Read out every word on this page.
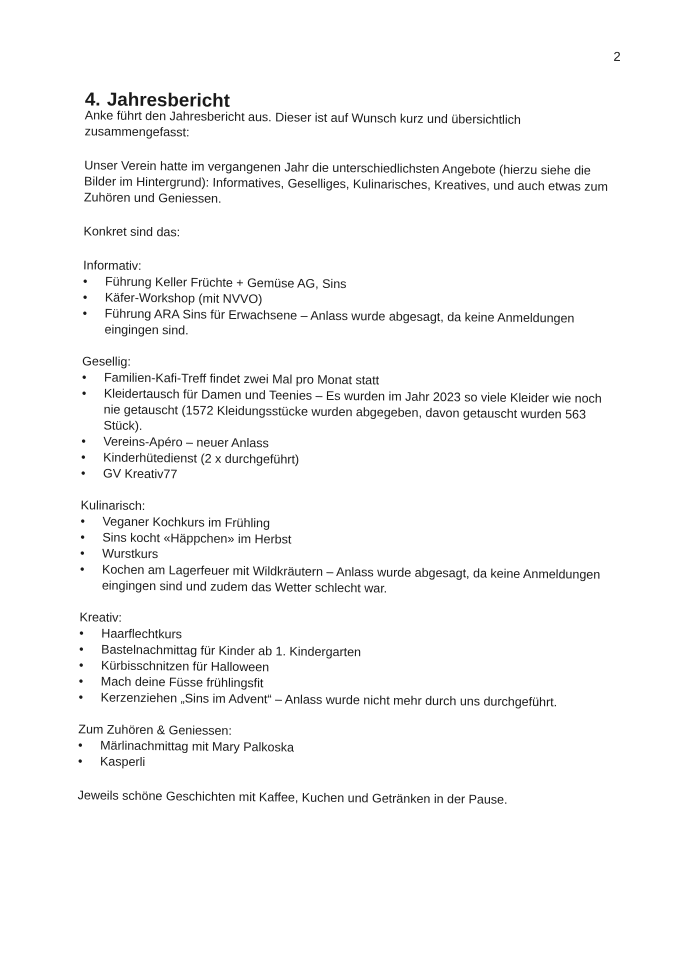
2
4. Jahresbericht

Anke führt den Jahresbericht aus. Dieser ist auf Wunsch kurz und übersichtlich zusammengefasst:

Unser Verein hatte im vergangenen Jahr die unterschiedlichsten Angebote (hierzu siehe die Bilder im Hintergrund): Informatives, Geselliges, Kulinarisches, Kreatives, und auch etwas zum Zuhören und Geniessen.

Konkret sind das:

Informativ:

• Führung Keller Früchte + Gemüse AG, Sins
• Käfer-Workshop (mit NVVO)
• Führung ARA Sins für Erwachsene – Anlass wurde abgesagt, da keine Anmeldungen eingingen sind.

Gesellig:

• Familien-Kafi-Treff findet zwei Mal pro Monat statt
• Kleidertausch für Damen und Teenies – Es wurden im Jahr 2023 so viele Kleider wie noch nie getauscht (1572 Kleidungsstücke wurden abgegeben, davon getauscht wurden 563 Stück).
• Vereins-Apéro – neuer Anlass
• Kinderhütedienst (2 x durchgeführt)
• GV Kreativ77

Kulinarisch:

• Veganer Kochkurs im Frühling
• Sins kocht «Häppchen» im Herbst
• Wurstkurs
• Kochen am Lagerfeuer mit Wildkräutern – Anlass wurde abgesagt, da keine Anmeldungen eingingen sind und zudem das Wetter schlecht war.

Kreativ:

• Haarflechtkurs
• Bastelnachmittag für Kinder ab 1. Kindergarten
• Kürbisschnitzen für Halloween
• Mach deine Füsse frühlingsfit
• Kerzenziehen „Sins im Advent“ – Anlass wurde nicht mehr durch uns durchgeführt.

Zum Zuhören & Geniessen:

• Märlinachmittag mit Mary Palkoska
• Kasperli

Jeweils schöne Geschichten mit Kaffee, Kuchen und Getränken in der Pause.
